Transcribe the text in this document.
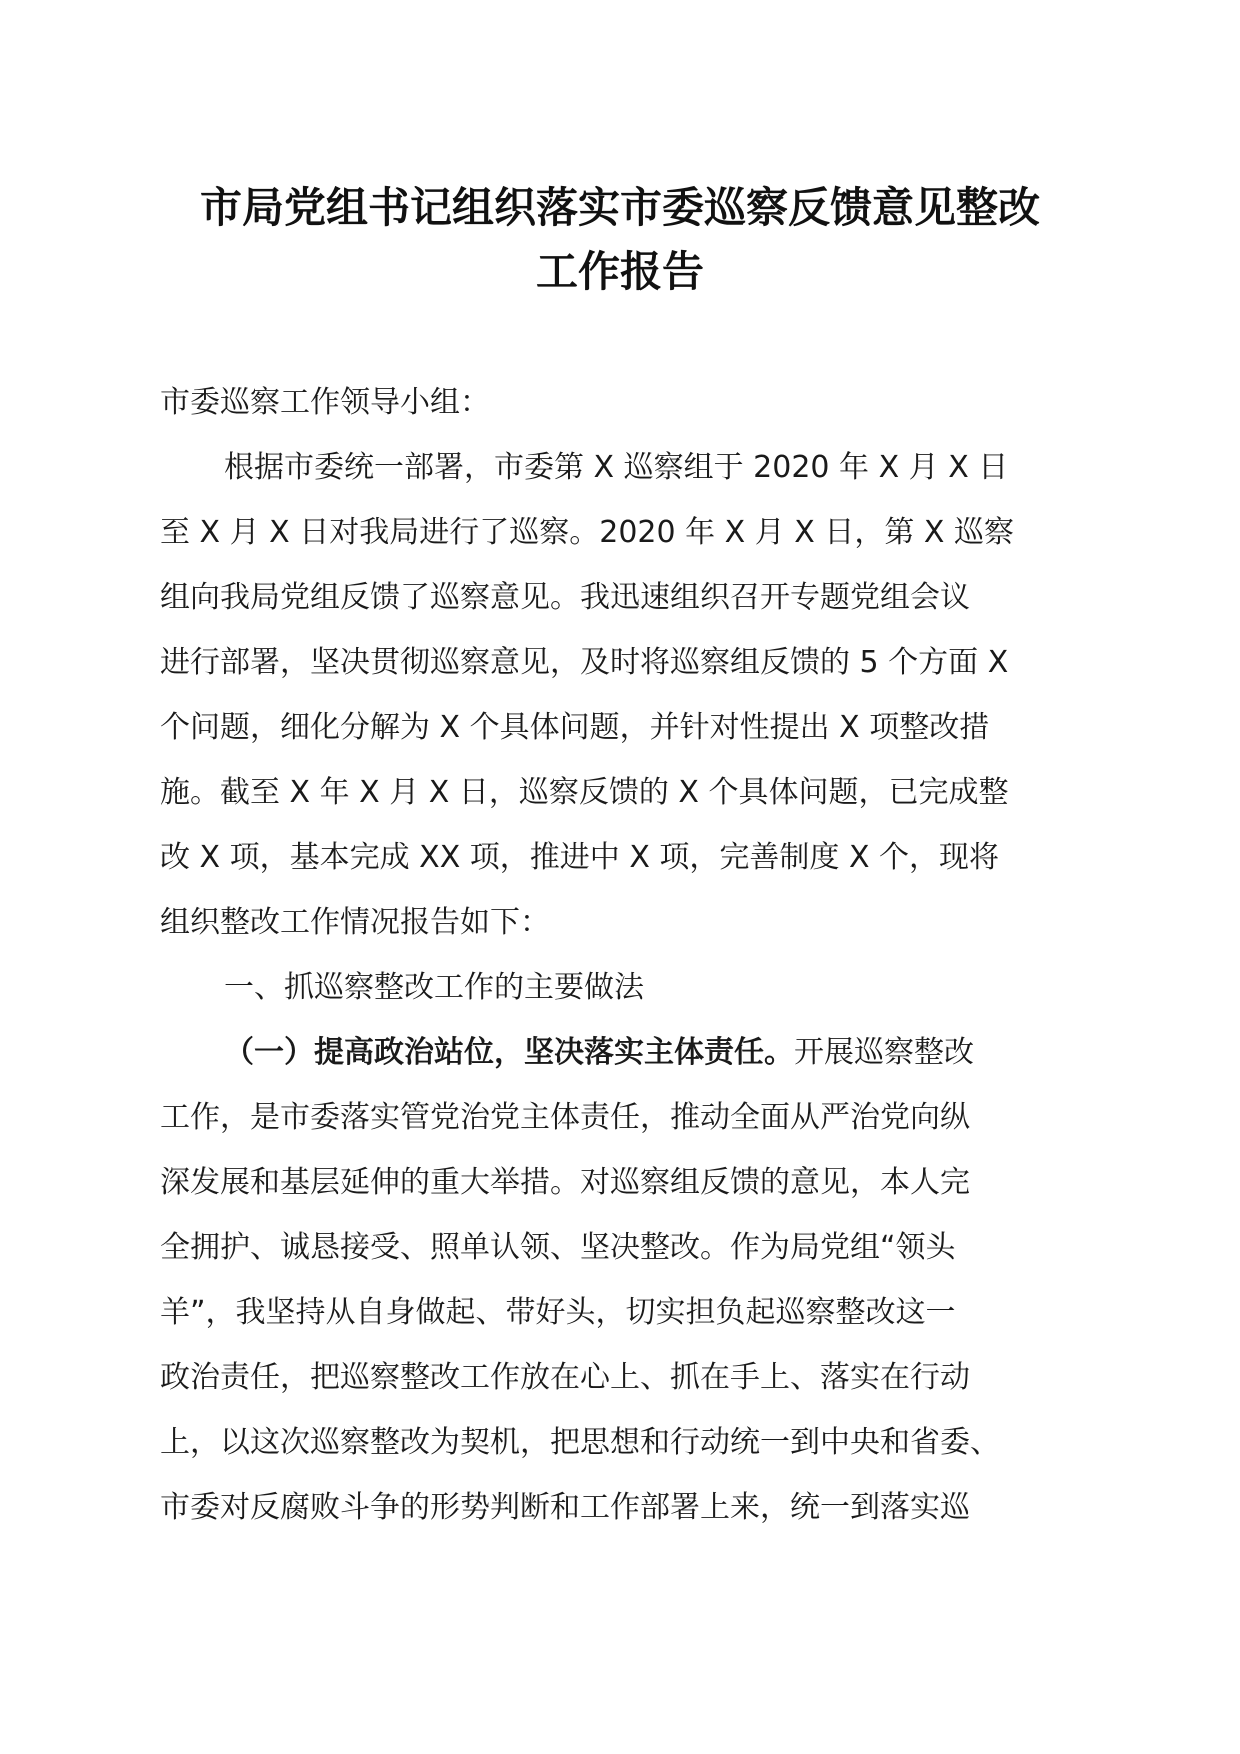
市局党组书记组织落实市委巡察反馈意见整改
工作报告
市委巡察工作领导小组：
根据市委统一部署，市委第 X 巡察组于 2020 年 X 月 X 日
至 X 月 X 日对我局进行了巡察。2020 年 X 月 X 日，第 X 巡察
组向我局党组反馈了巡察意见。我迅速组织召开专题党组会议
进行部署，坚决贯彻巡察意见，及时将巡察组反馈的 5 个方面 X
个问题，细化分解为 X 个具体问题，并针对性提出 X 项整改措
施。截至 X 年 X 月 X 日，巡察反馈的 X 个具体问题，已完成整
改 X 项，基本完成 XX 项，推进中 X 项，完善制度 X 个，现将
组织整改工作情况报告如下：
一、抓巡察整改工作的主要做法
（一）提高政治站位，坚决落实主体责任。开展巡察整改
工作，是市委落实管党治党主体责任，推动全面从严治党向纵
深发展和基层延伸的重大举措。对巡察组反馈的意见，本人完
全拥护、诚恳接受、照单认领、坚决整改。作为局党组“领头
羊”，我坚持从自身做起、带好头，切实担负起巡察整改这一
政治责任，把巡察整改工作放在心上、抓在手上、落实在行动
上，以这次巡察整改为契机，把思想和行动统一到中央和省委、
市委对反腐败斗争的形势判断和工作部署上来，统一到落实巡
